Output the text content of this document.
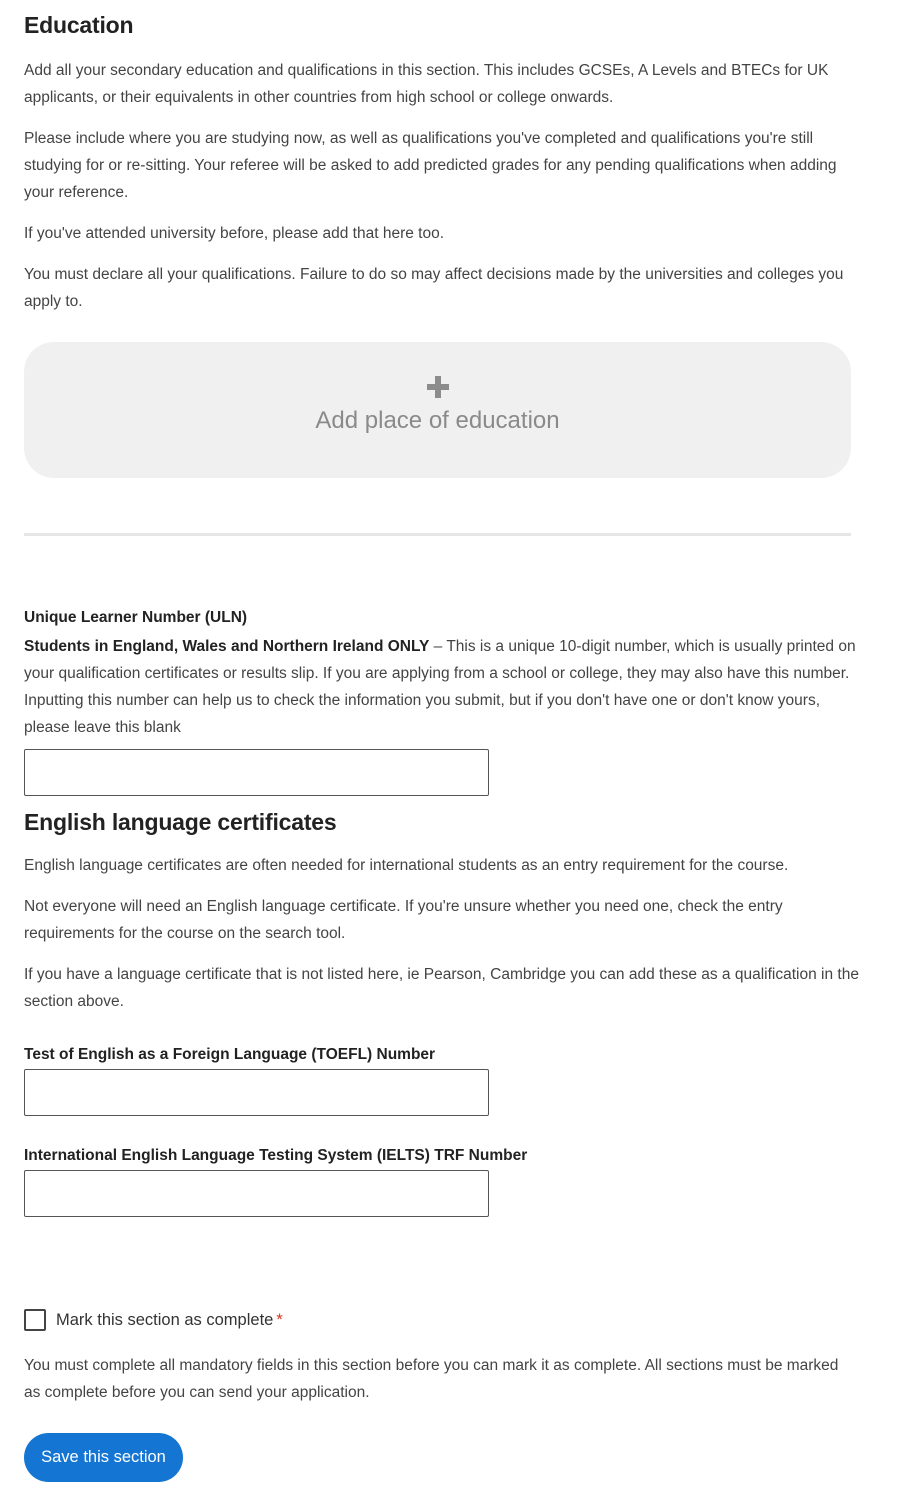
Education

Add all your secondary education and qualifications in this section. This includes GCSEs, A Levels and BTECs for UK applicants, or their equivalents in other countries from high school or college onwards.

Please include where you are studying now, as well as qualifications you've completed and qualifications you're still studying for or re-sitting. Your referee will be asked to add predicted grades for any pending qualifications when adding your reference.

If you've attended university before, please add that here too.

You must declare all your qualifications. Failure to do so may affect decisions made by the universities and colleges you apply to.

Add place of education
Unique Learner Number (ULN)

Students in England, Wales and Northern Ireland ONLY – This is a unique 10-digit number, which is usually printed on your qualification certificates or results slip. If you are applying from a school or college, they may also have this number. Inputting this number can help us to check the information you submit, but if you don't have one or don't know yours, please leave this blank

English language certificates

English language certificates are often needed for international students as an entry requirement for the course.

Not everyone will need an English language certificate. If you're unsure whether you need one, check the entry requirements for the course on the search tool.

If you have a language certificate that is not listed here, ie Pearson, Cambridge you can add these as a qualification in the section above.

Test of English as a Foreign Language (TOEFL) Number
International English Language Testing System (IELTS) TRF Number
Mark this section as complete *

You must complete all mandatory fields in this section before you can mark it as complete. All sections must be marked as complete before you can send your application.

Save this section
